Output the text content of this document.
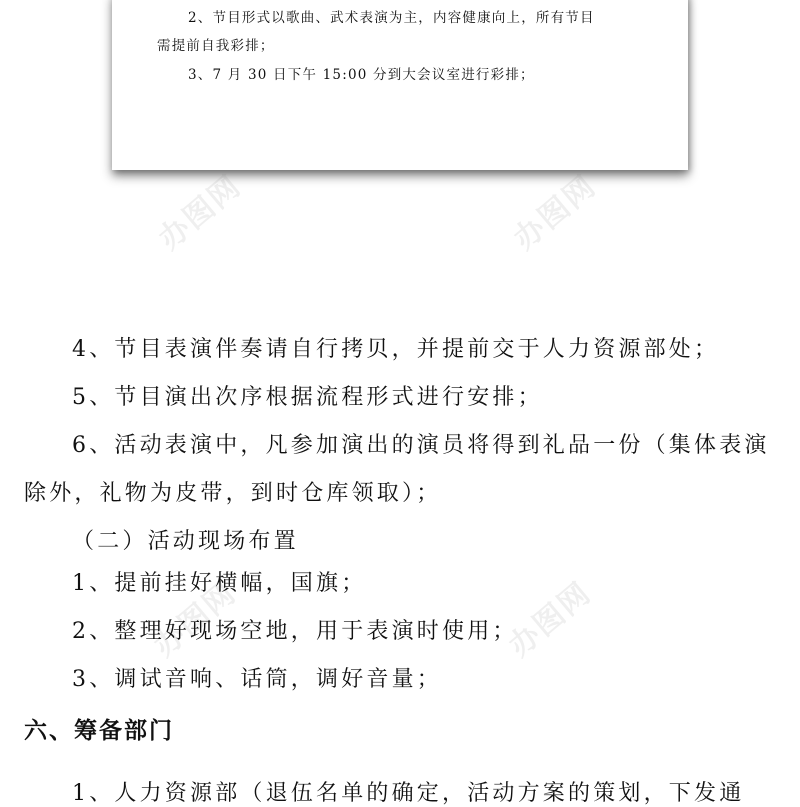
2、节目形式以歌曲、武术表演为主，内容健康向上，所有节目

需提前自我彩排；

3、7 月 30 日下午 15:00 分到大会议室进行彩排；

办图网	办图网
办图网	办图网

4、节目表演伴奏请自行拷贝，并提前交于人力资源部处；

5、节目演出次序根据流程形式进行安排；

6、活动表演中，凡参加演出的演员将得到礼品一份（集体表演

除外，礼物为皮带，到时仓库领取）；

（二）活动现场布置

1、提前挂好横幅，国旗；

2、整理好现场空地，用于表演时使用；

3、调试音响、话筒，调好音量；

六、筹备部门

1、人力资源部（退伍名单的确定，活动方案的策划，下发通
